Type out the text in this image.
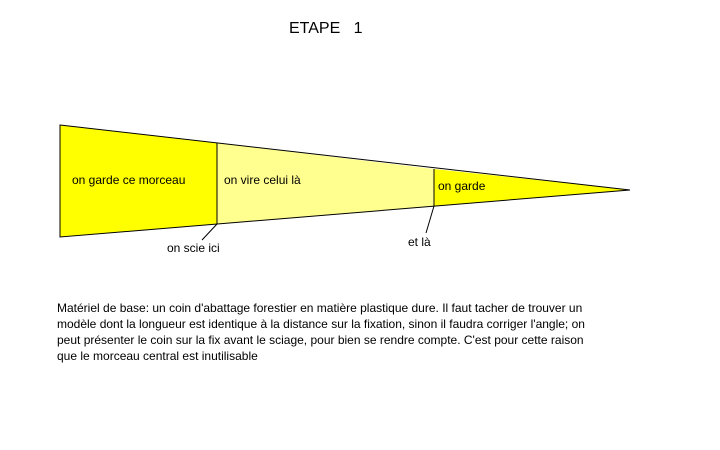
ETAPE   1
on garde ce morceau	on vire celui là	on garde
on scie ici	et là

Matériel de base: un coin d'abattage forestier en matière plastique dure. Il faut tacher de trouver un

modèle dont la longueur est identique à la distance sur la fixation, sinon il faudra corriger l'angle; on

peut présenter le coin sur la fix avant le sciage, pour bien se rendre compte. C'est pour cette raison

que le morceau central est inutilisable
